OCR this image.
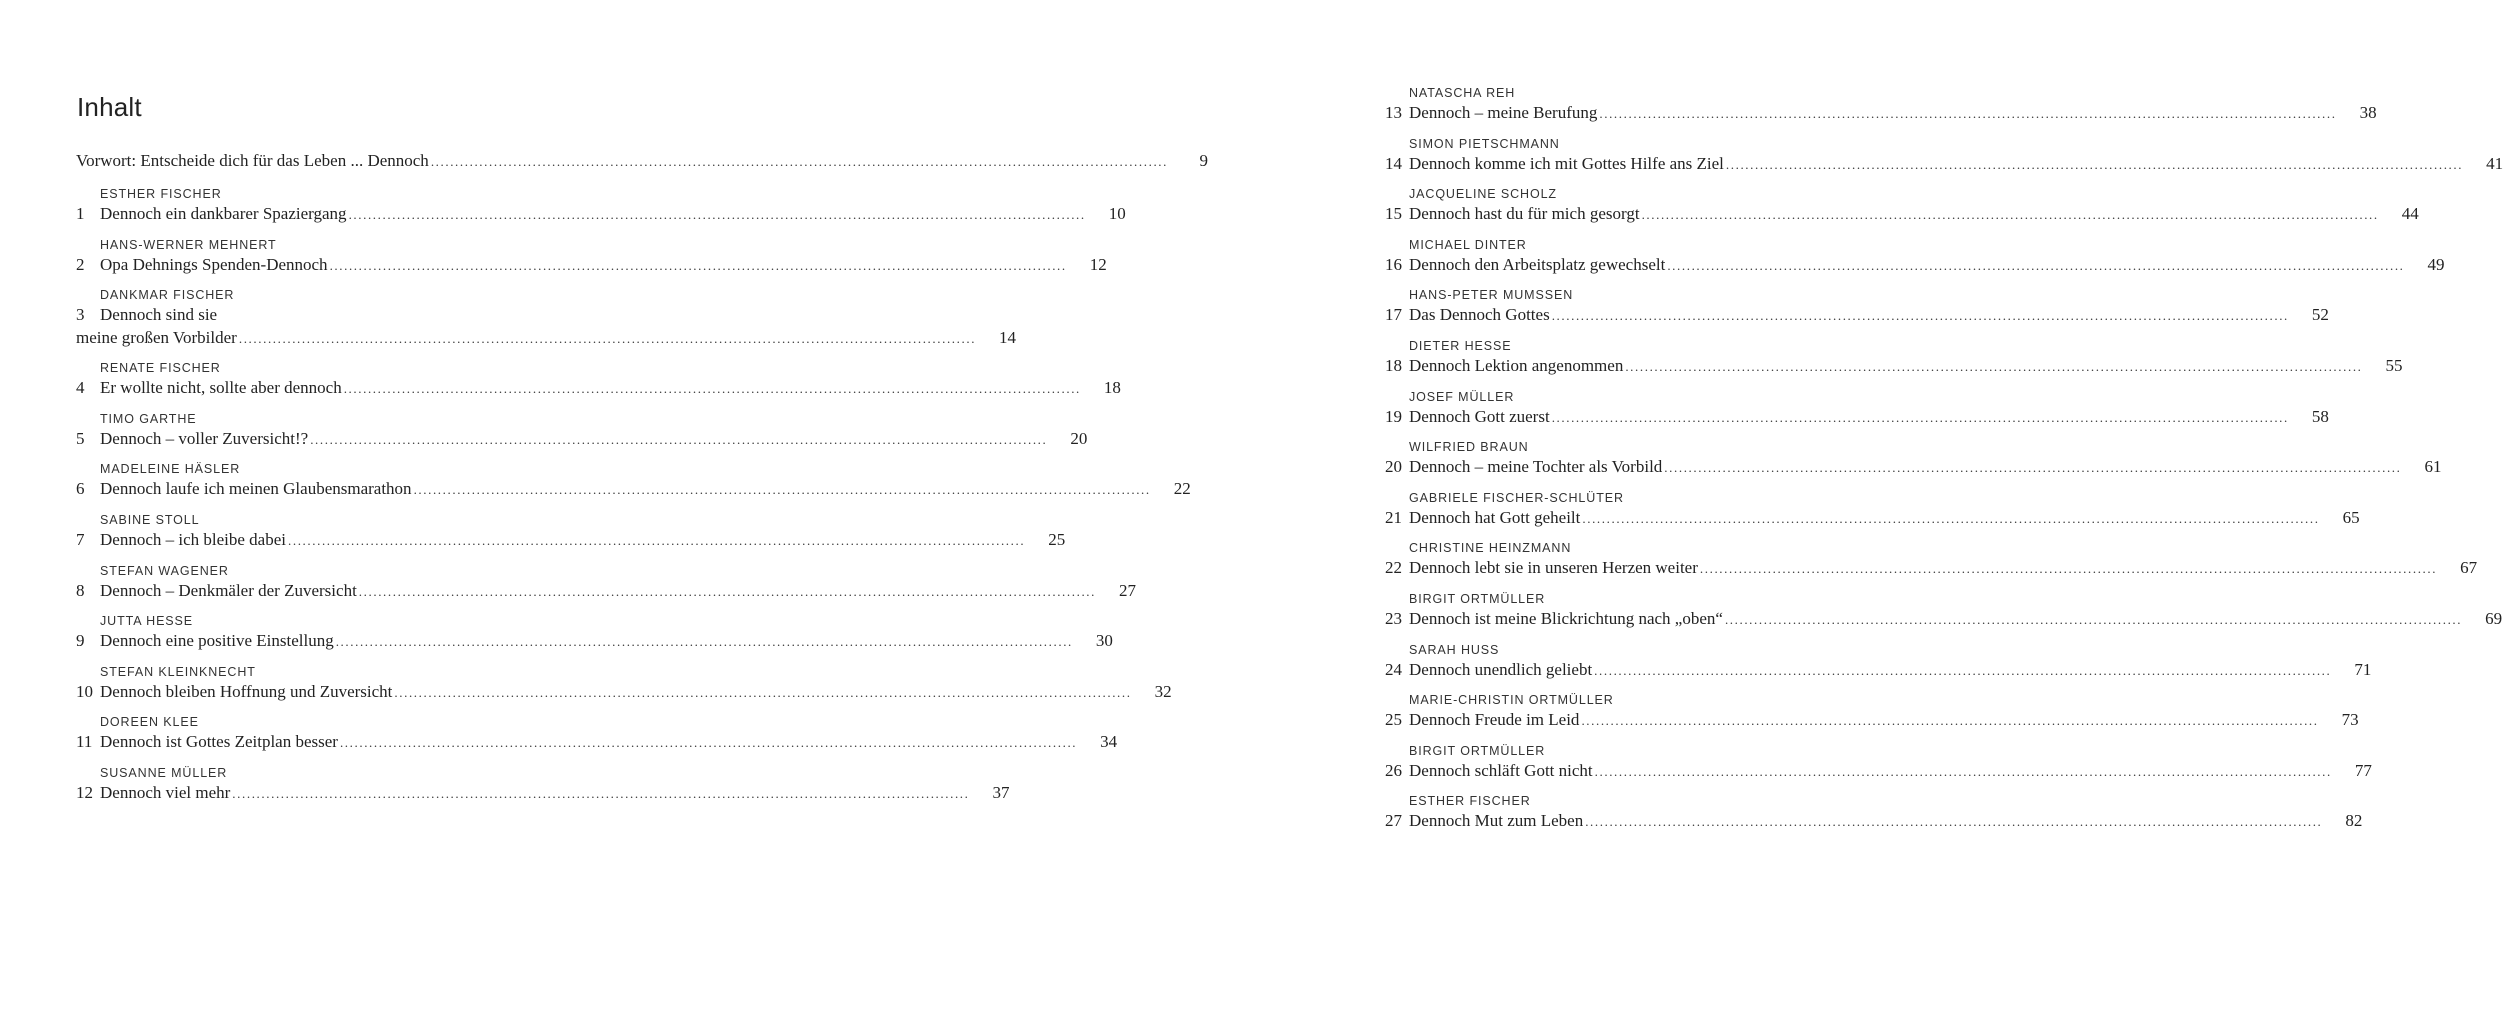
Inhalt
Vorwort: Entscheide dich für das Leben ... Dennoch .....	9
ESTHER FISCHER
1 Dennoch ein dankbarer Spaziergang .....	10
HANS-WERNER MEHNERT
2 Opa Dehnings Spenden-Dennoch .....	12
DANKMAR FISCHER
3 Dennoch sind sie
meine großen Vorbilder .....	14
RENATE FISCHER
4 Er wollte nicht, sollte aber dennoch .....	18
TIMO GARTHE
5 Dennoch – voller Zuversicht!? .....	20
MADELEINE HÄSLER
6 Dennoch laufe ich meinen Glaubensmarathon .....	22
SABINE STOLL
7 Dennoch – ich bleibe dabei .....	25
STEFAN WAGENER
8 Dennoch – Denkmäler der Zuversicht .....	27
JUTTA HESSE
9 Dennoch eine positive Einstellung .....	30
STEFAN KLEINKNECHT
10 Dennoch bleiben Hoffnung und Zuversicht .....	32
DOREEN KLEE
11 Dennoch ist Gottes Zeitplan besser .....	34
SUSANNE MÜLLER
12 Dennoch viel mehr .....	37
NATASCHA REH
13 Dennoch – meine Berufung .....	38
SIMON PIETSCHMANN
14 Dennoch komme ich mit Gottes Hilfe ans Ziel .....	41
JACQUELINE SCHOLZ
15 Dennoch hast du für mich gesorgt .....	44
MICHAEL DINTER
16 Dennoch den Arbeitsplatz gewechselt .....	49
HANS-PETER MUMSSEN
17 Das Dennoch Gottes .....	52
DIETER HESSE
18 Dennoch Lektion angenommen .....	55
JOSEF MÜLLER
19 Dennoch Gott zuerst .....	58
WILFRIED BRAUN
20 Dennoch – meine Tochter als Vorbild .....	61
GABRIELE FISCHER-SCHLÜTER
21 Dennoch hat Gott geheilt .....	65
CHRISTINE HEINZMANN
22 Dennoch lebt sie in unseren Herzen weiter .....	67
BIRGIT ORTMÜLLER
23 Dennoch ist meine Blickrichtung nach „oben“ .....	69
SARAH HUSS
24 Dennoch unendlich geliebt .....	71
MARIE-CHRISTIN ORTMÜLLER
25 Dennoch Freude im Leid .....	73
BIRGIT ORTMÜLLER
26 Dennoch schläft Gott nicht .....	77
ESTHER FISCHER
27 Dennoch Mut zum Leben .....	82
